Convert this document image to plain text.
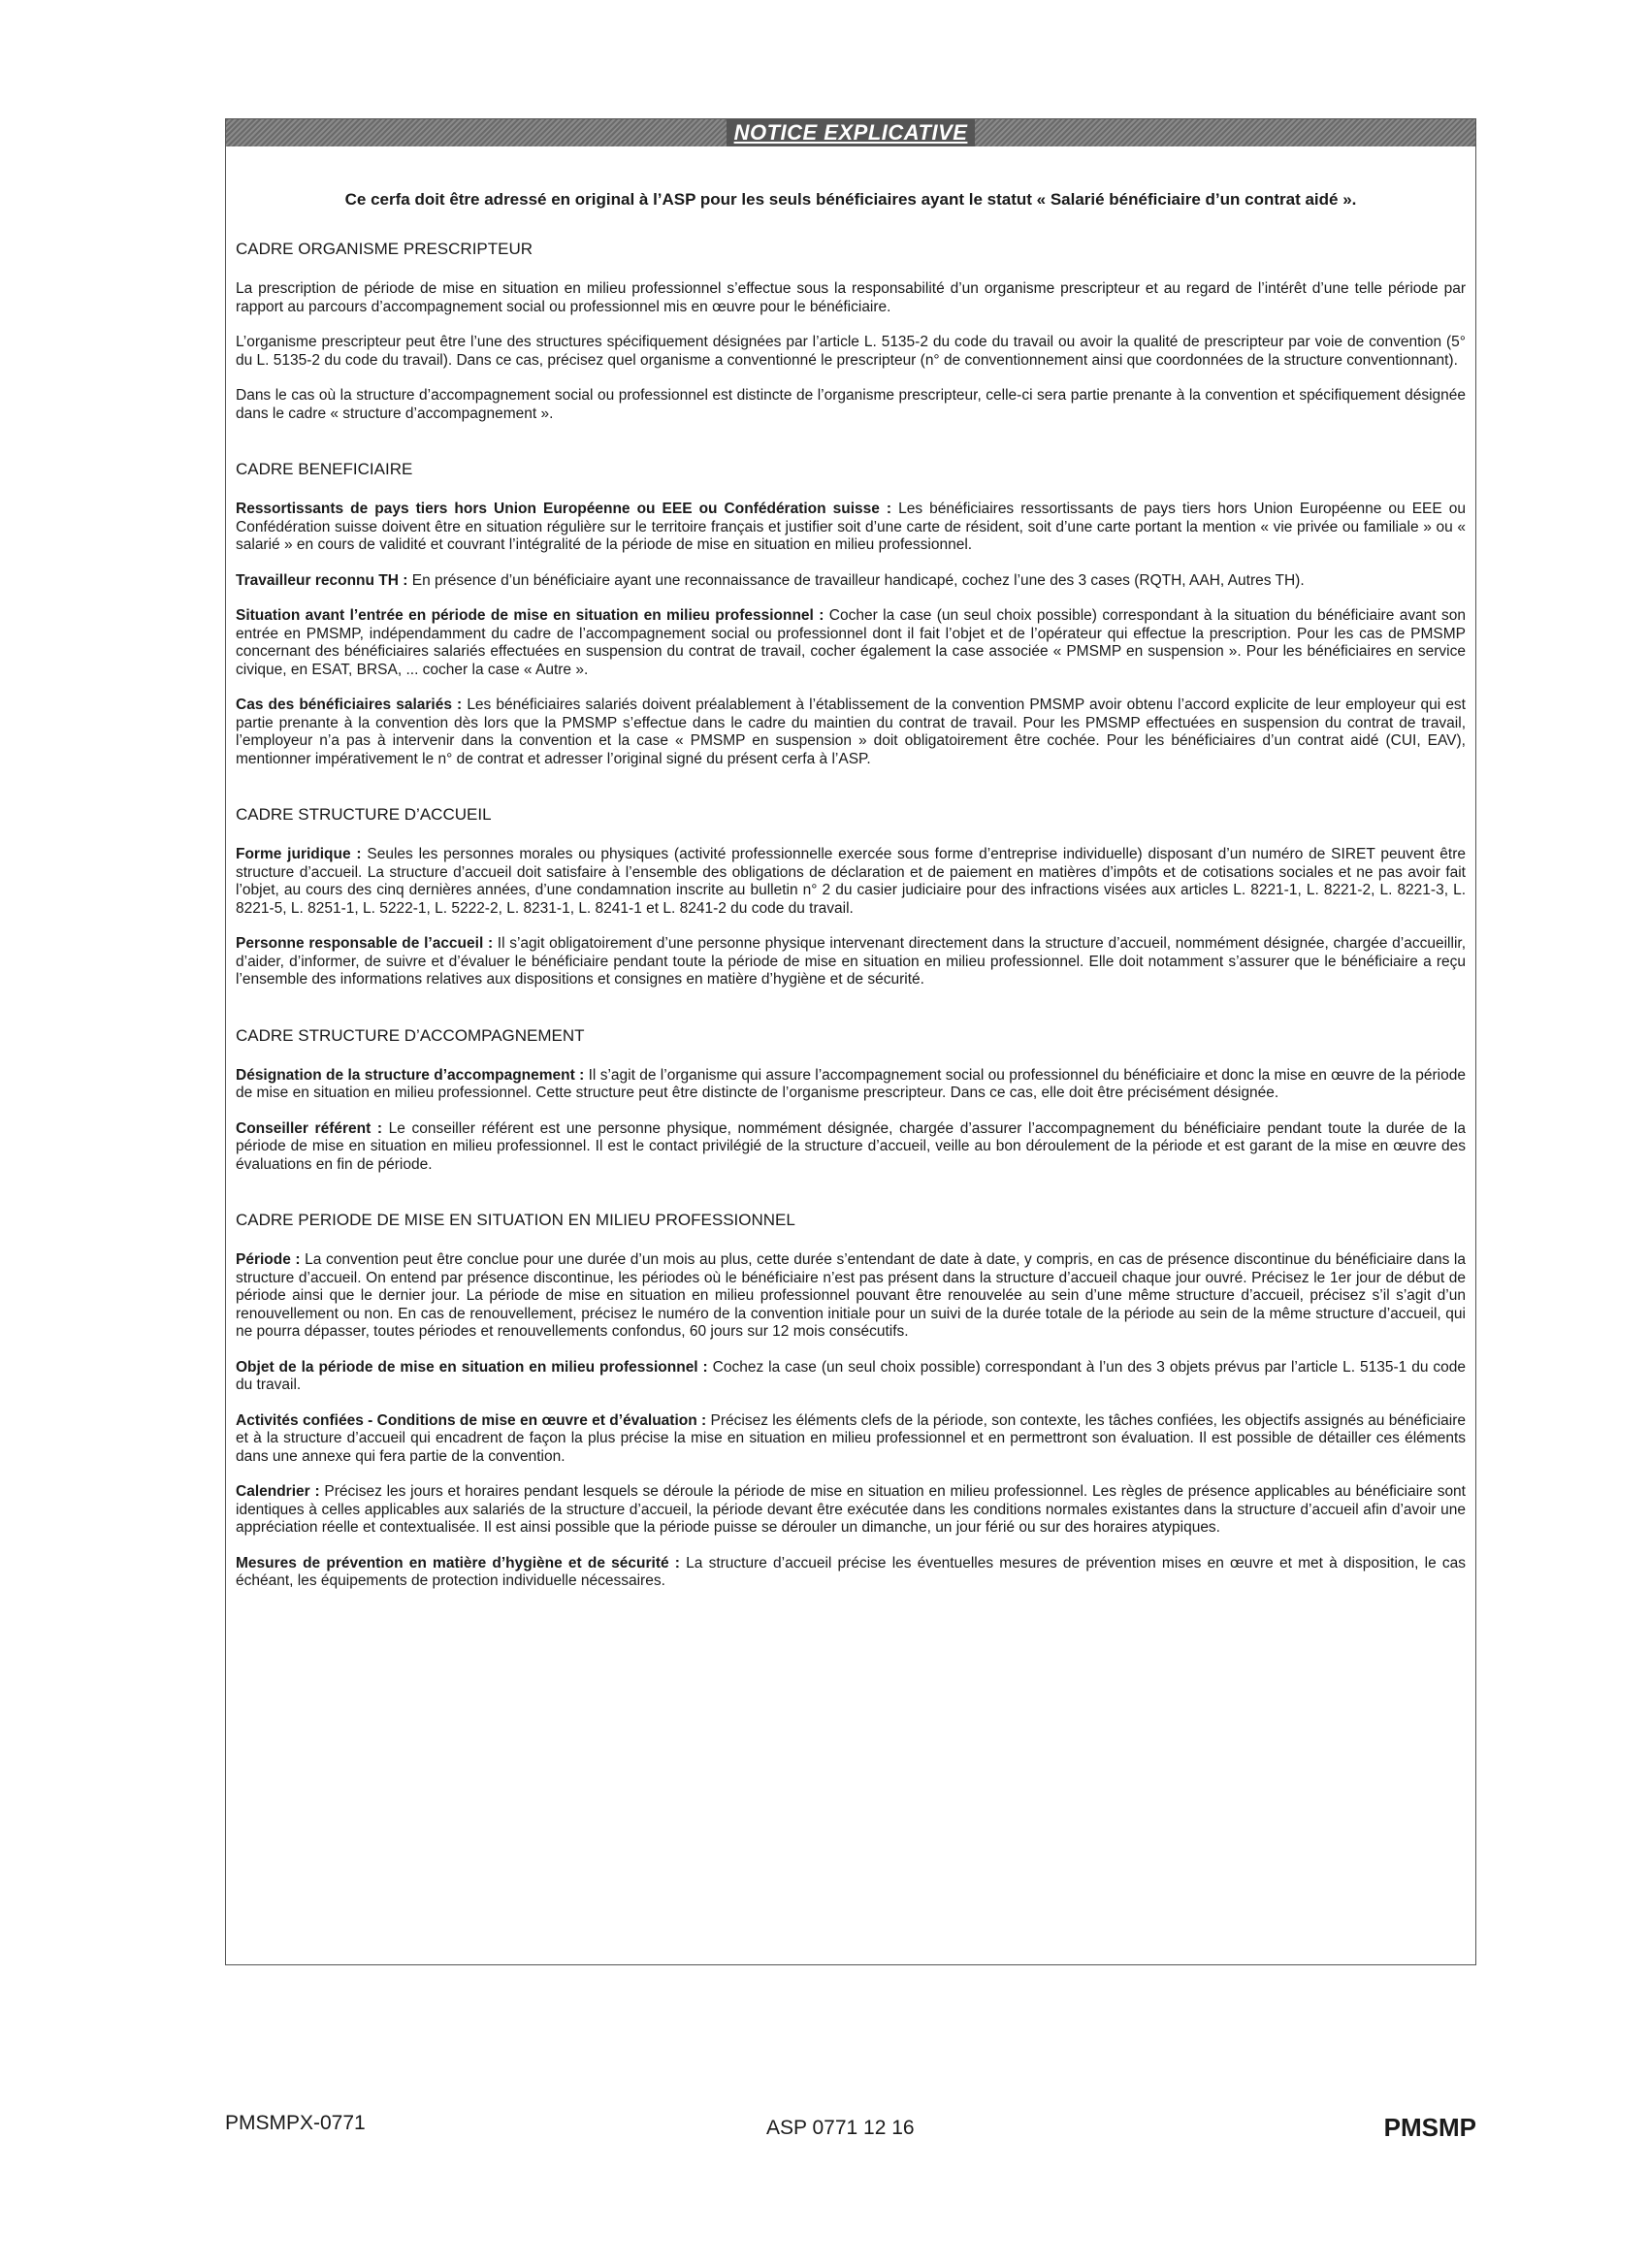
NOTICE EXPLICATIVE
Ce cerfa doit être adressé en original à l’ASP pour les seuls bénéficiaires ayant le statut « Salarié bénéficiaire d’un contrat aidé ».
CADRE ORGANISME PRESCRIPTEUR
La prescription de période de mise en situation en milieu professionnel s’effectue sous la responsabilité d’un organisme prescripteur et au regard de l’intérêt d’une telle période par rapport au parcours d’accompagnement social ou professionnel mis en œuvre pour le bénéficiaire.
L’organisme prescripteur peut être l’une des structures spécifiquement désignées par l’article L. 5135-2 du code du travail ou avoir la qualité de prescripteur par voie de convention (5° du L. 5135-2 du code du travail). Dans ce cas, précisez quel organisme a conventionné le prescripteur (n° de conventionnement ainsi que coordonnées de la structure conventionnant).
Dans le cas où la structure d’accompagnement social ou professionnel est distincte de l’organisme prescripteur, celle-ci sera partie prenante à la convention et spécifiquement désignée dans le cadre « structure d’accompagnement ».
CADRE BENEFICIAIRE
Ressortissants de pays tiers hors Union Européenne ou EEE ou Confédération suisse : Les bénéficiaires ressortissants de pays tiers hors Union Européenne ou EEE ou Confédération suisse doivent être en situation régulière sur le territoire français et justifier soit d’une carte de résident, soit d’une carte portant la mention « vie privée ou familiale » ou « salarié » en cours de validité et couvrant l’intégralité de la période de mise en situation en milieu professionnel.
Travailleur reconnu TH : En présence d’un bénéficiaire ayant une reconnaissance de travailleur handicapé, cochez l’une des 3 cases (RQTH, AAH, Autres TH).
Situation avant l’entrée en période de mise en situation en milieu professionnel : Cocher la case (un seul choix possible) correspondant à la situation du bénéficiaire avant son entrée en PMSMP, indépendamment du cadre de l’accompagnement social ou professionnel dont il fait l’objet et de l’opérateur qui effectue la prescription. Pour les cas de PMSMP concernant des bénéficiaires salariés effectuées en suspension du contrat de travail, cocher également la case associée « PMSMP en suspension ». Pour les bénéficiaires en service civique, en ESAT, BRSA, ... cocher la case « Autre ».
Cas des bénéficiaires salariés : Les bénéficiaires salariés doivent préalablement à l’établissement de la convention PMSMP avoir obtenu l’accord explicite de leur employeur qui est partie prenante à la convention dès lors que la PMSMP s’effectue dans le cadre du maintien du contrat de travail. Pour les PMSMP effectuées en suspension du contrat de travail, l’employeur n’a pas à intervenir dans la convention et la case « PMSMP en suspension » doit obligatoirement être cochée. Pour les bénéficiaires d’un contrat aidé (CUI, EAV), mentionner impérativement le n° de contrat et adresser l’original signé du présent cerfa à l’ASP.
CADRE STRUCTURE D’ACCUEIL
Forme juridique : Seules les personnes morales ou physiques (activité professionnelle exercée sous forme d’entreprise individuelle) disposant d’un numéro de SIRET peuvent être structure d’accueil. La structure d’accueil doit satisfaire à l’ensemble des obligations de déclaration et de paiement en matières d’impôts et de cotisations sociales et ne pas avoir fait l’objet, au cours des cinq dernières années, d’une condamnation inscrite au bulletin n° 2 du casier judiciaire pour des infractions visées aux articles L. 8221-1, L. 8221-2, L. 8221-3, L. 8221-5, L. 8251-1, L. 5222-1, L. 5222-2, L. 8231-1, L. 8241-1 et L. 8241-2 du code du travail.
Personne responsable de l’accueil : Il s’agit obligatoirement d’une personne physique intervenant directement dans la structure d’accueil, nommément désignée, chargée d’accueillir, d’aider, d’informer, de suivre et d’évaluer le bénéficiaire pendant toute la période de mise en situation en milieu professionnel. Elle doit notamment s’assurer que le bénéficiaire a reçu l’ensemble des informations relatives aux dispositions et consignes en matière d’hygiène et de sécurité.
CADRE STRUCTURE D’ACCOMPAGNEMENT
Désignation de la structure d’accompagnement : Il s’agit de l’organisme qui assure l’accompagnement social ou professionnel du bénéficiaire et donc la mise en œuvre de la période de mise en situation en milieu professionnel. Cette structure peut être distincte de l’organisme prescripteur. Dans ce cas, elle doit être précisément désignée.
Conseiller référent : Le conseiller référent est une personne physique, nommément désignée, chargée d’assurer l’accompagnement du bénéficiaire pendant toute la durée de la période de mise en situation en milieu professionnel. Il est le contact privilégié de la structure d’accueil, veille au bon déroulement de la période et est garant de la mise en œuvre des évaluations en fin de période.
CADRE PERIODE DE MISE EN SITUATION EN MILIEU PROFESSIONNEL
Période : La convention peut être conclue pour une durée d’un mois au plus, cette durée s’entendant de date à date, y compris, en cas de présence discontinue du bénéficiaire dans la structure d’accueil. On entend par présence discontinue, les périodes où le bénéficiaire n’est pas présent dans la structure d’accueil chaque jour ouvré. Précisez le 1er jour de début de période ainsi que le dernier jour. La période de mise en situation en milieu professionnel pouvant être renouvelée au sein d’une même structure d’accueil, précisez s’il s’agit d’un renouvellement ou non. En cas de renouvellement, précisez le numéro de la convention initiale pour un suivi de la durée totale de la période au sein de la même structure d’accueil, qui ne pourra dépasser, toutes périodes et renouvellements confondus, 60 jours sur 12 mois consécutifs.
Objet de la période de mise en situation en milieu professionnel : Cochez la case (un seul choix possible) correspondant à l’un des 3 objets prévus par l’article L. 5135-1 du code du travail.
Activités confiées - Conditions de mise en œuvre et d’évaluation : Précisez les éléments clefs de la période, son contexte, les tâches confiées, les objectifs assignés au bénéficiaire et à la structure d’accueil qui encadrent de façon la plus précise la mise en situation en milieu professionnel et en permettront son évaluation. Il est possible de détailler ces éléments dans une annexe qui fera partie de la convention.
Calendrier : Précisez les jours et horaires pendant lesquels se déroule la période de mise en situation en milieu professionnel. Les règles de présence applicables au bénéficiaire sont identiques à celles applicables aux salariés de la structure d’accueil, la période devant être exécutée dans les conditions normales existantes dans la structure d’accueil afin d’avoir une appréciation réelle et contextualisée. Il est ainsi possible que la période puisse se dérouler un dimanche, un jour férié ou sur des horaires atypiques.
Mesures de prévention en matière d’hygiène et de sécurité : La structure d’accueil précise les éventuelles mesures de prévention mises en œuvre et met à disposition, le cas échéant, les équipements de protection individuelle nécessaires.
PMSMPX-0771	ASP 0771 12 16	PMSMP
